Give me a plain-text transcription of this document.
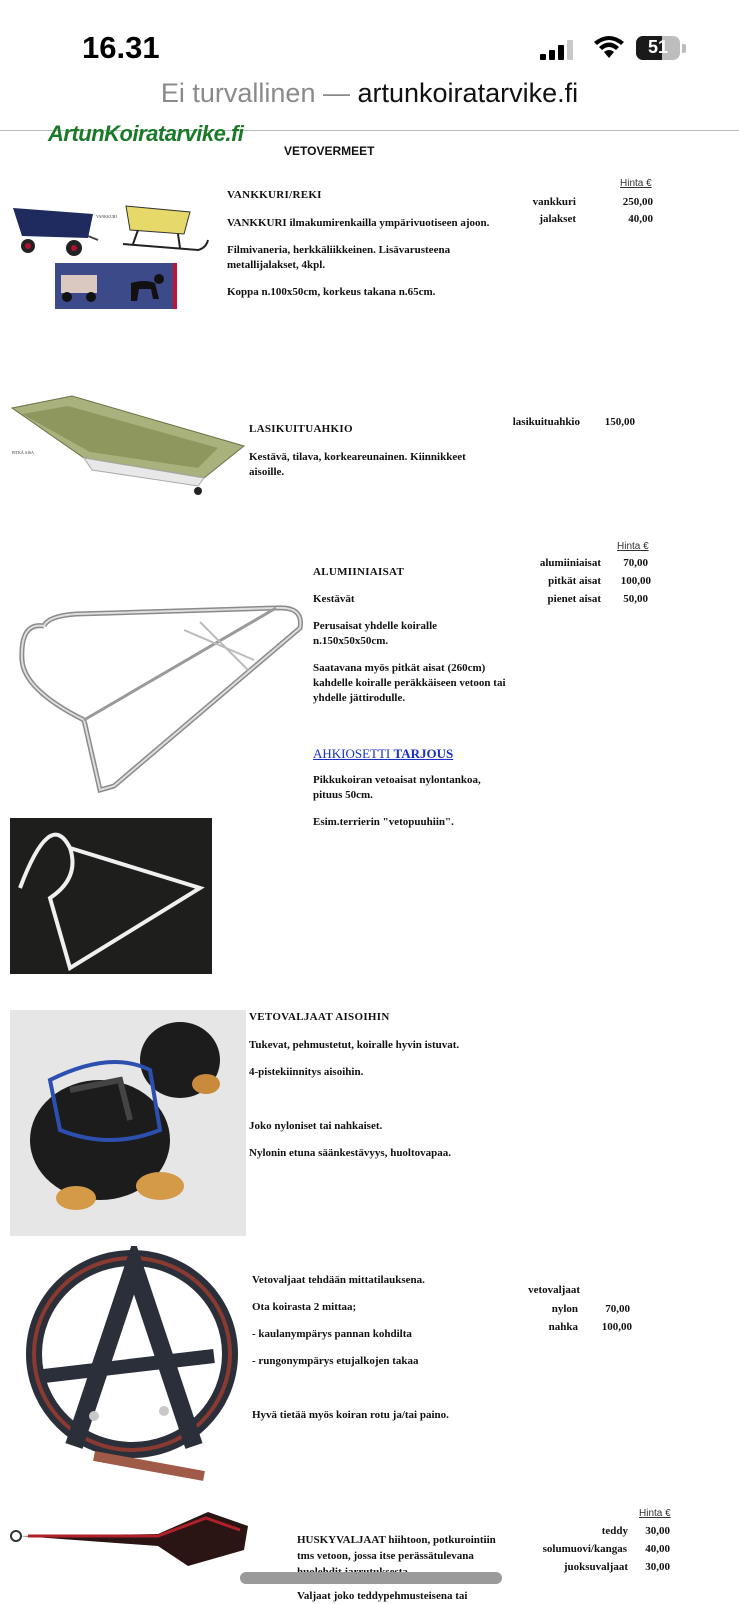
16.31	51
Ei turvallinen — artunkoiratarvike.fi
ArtunKoiratarvike.fi
VETOVERMEET
VANKKURI
VANKKURI/REKI
VANKKURI ilmakumirenkailla ympärivuotiseen ajoon.
Filmivaneria, herkkäliikkeinen. Lisävarusteena
metallijalakset, 4kpl.
Koppa n.100x50cm, korkeus takana n.65cm.
Hinta €
vankkuri	250,00
jalakset	40,00
PITKÄ AISA
LASIKUITUAHKIO
Kestävä, tilava, korkeareunainen. Kiinnikkeet
aisoille.
lasikuituahkio	150,00
Hinta €
ALUMIINIAISAT
Kestävät
Perusaisat yhdelle koiralle
n.150x50x50cm.
Saatavana myös pitkät aisat (260cm)
kahdelle koiralle peräkkäiseen vetoon tai
yhdelle jättirodulle.
AHKIOSETTI TARJOUS
Pikkukoiran vetoaisat nylontankoa,
pituus 50cm.
Esim.terrierin "vetopuuhiin".
alumiiniaisat	70,00
pitkät aisat	100,00
pienet aisat	50,00
VETOVALJAAT AISOIHIN
Tukevat, pehmustetut, koiralle hyvin istuvat.
4-pistekiinnitys aisoihin.
Joko nyloniset tai nahkaiset.
Nylonin etuna säänkestävyys, huoltovapaa.
Vetovaljaat tehdään mittatilauksena.
Ota koirasta 2 mittaa;
- kaulanympärys pannan kohdilta
- rungonympärys etujalkojen takaa
Hyvä tietää myös koiran rotu ja/tai paino.
vetovaljaat
nylon	70,00
nahka	100,00
Hinta €
HUSKYVALJAAT hiihtoon, potkurointiin
tms vetoon, jossa itse perässätulevana
Valjaat joko teddypehmusteisena tai
teddy	30,00
solumuovi/kangas	40,00
juoksuvaljaat	30,00
